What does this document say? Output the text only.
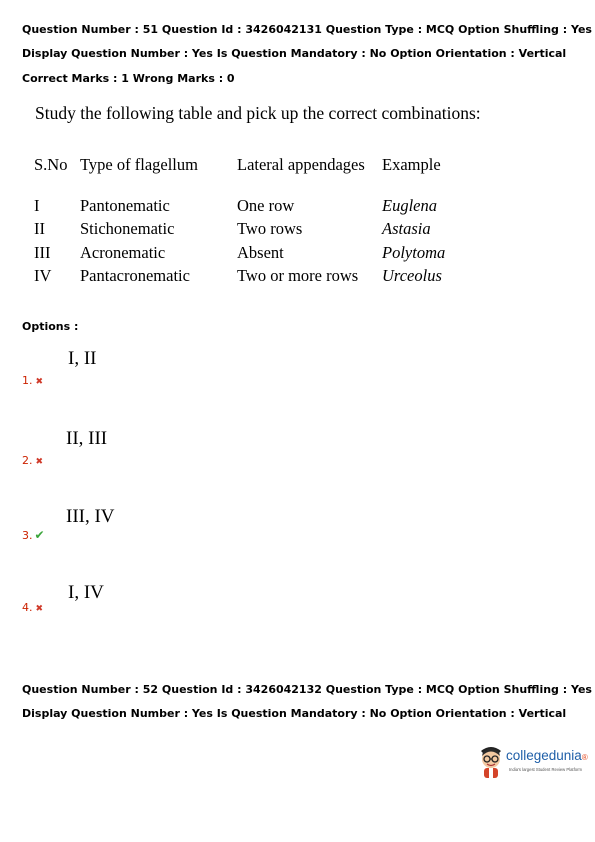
Question Number : 51 Question Id : 3426042131 Question Type : MCQ Option Shuffling : Yes
Display Question Number : Yes Is Question Mandatory : No Option Orientation : Vertical
Correct Marks : 1 Wrong Marks : 0
Study the following table and pick up the correct combinations:
S.No	Type of flagellum	Lateral appendages	Example
I	Pantonematic	One row	Euglena
II	Stichonematic	Two rows	Astasia
III	Acronematic	Absent	Polytoma
IV	Pantacronematic	Two or more rows	Urceolus
Options :
I, II
1. ✖
II, III
2. ✖
III, IV
3. ✔
I, IV
4. ✖
Question Number : 52 Question Id : 3426042132 Question Type : MCQ Option Shuffling : Yes
Display Question Number : Yes Is Question Mandatory : No Option Orientation : Vertical
collegedunia®
India's largest Student Review Platform
